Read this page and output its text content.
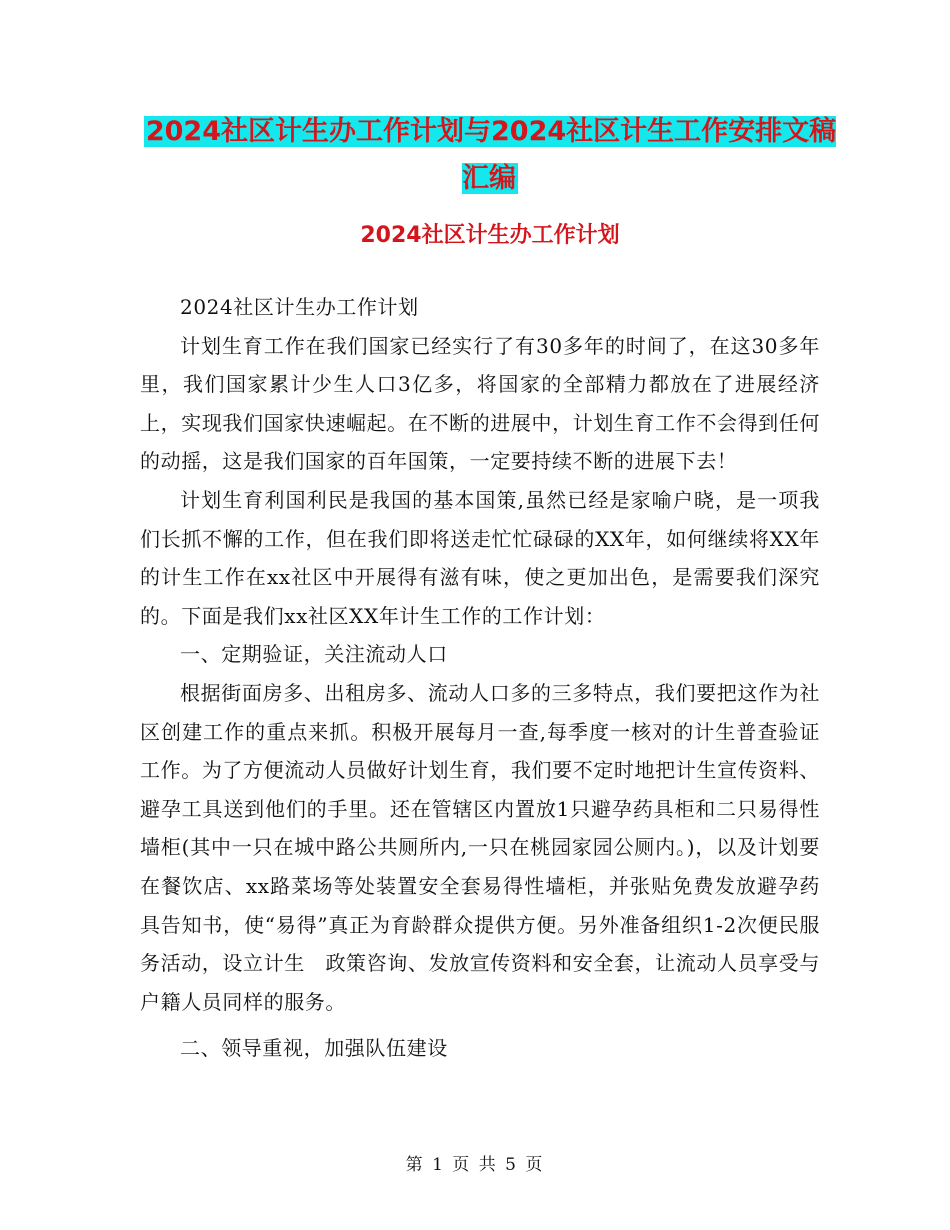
2024社区计生办工作计划与2024社区计生工作安排文稿汇编
2024社区计生办工作计划

2024社区计生办工作计划

计划生育工作在我们国家已经实行了有30多年的时间了，在这30多年里，我们国家累计少生人口3亿多，将国家的全部精力都放在了进展经济上，实现我们国家快速崛起。在不断的进展中，计划生育工作不会得到任何的动摇，这是我们国家的百年国策，一定要持续不断的进展下去！

计划生育利国利民是我国的基本国策,虽然已经是家喻户晓，是一项我们长抓不懈的工作，但在我们即将送走忙忙碌碌的XX年，如何继续将XX年的计生工作在xx社区中开展得有滋有味，使之更加出色，是需要我们深究的。下面是我们xx社区XX年计生工作的工作计划：

一、定期验证，关注流动人口

根据街面房多、出租房多、流动人口多的三多特点，我们要把这作为社区创建工作的重点来抓。积极开展每月一查,每季度一核对的计生普查验证工作。为了方便流动人员做好计划生育，我们要不定时地把计生宣传资料、避孕工具送到他们的手里。还在管辖区内置放1只避孕药具柜和二只易得性墙柜(其中一只在城中路公共厕所内,一只在桃园家园公厕内。)，以及计划要在餐饮店、xx路菜场等处装置安全套易得性墙柜，并张贴免费发放避孕药具告知书，使“易得”真正为育龄群众提供方便。另外准备组织1-2次便民服务活动，设立计生　政策咨询、发放宣传资料和安全套，让流动人员享受与户籍人员同样的服务。

二、领导重视，加强队伍建设

第 1 页 共 5 页
